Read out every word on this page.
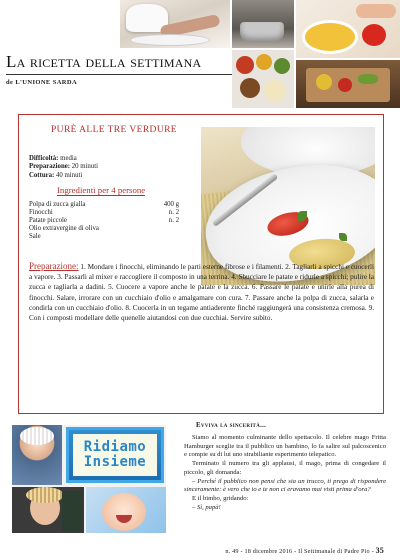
La ricetta della settimana
de L'UNIONE SARDA
PURÈ ALLE TRE VERDURE
Difficoltà: media
Preparazione: 20 minuti
Cottura: 40 minuti
Ingredienti per 4 persone
Polpa di zucca gialla	400 g
Finocchi	n. 2
Patate piccole	n. 2
Olio extravergine di oliva
Sale
Preparazione: 1. Mondare i finocchi, eliminando le parti esterne fibrose e i filamenti. 2. Tagliarli a spicchi e cuocerli a vapore. 3. Passarli al mixer e raccogliere il composto in una terrina. 4. Sbucciare le patate e ridurle a spicchi; pulire la zucca e tagliarla a dadini. 5. Cuocere a vapore anche le patate e la zucca. 6. Passare le patate e unirle alla purea di finocchi. Salare, irrorare con un cucchiaio d'olio e amalgamare con cura. 7. Passare anche la polpa di zucca, salarla e condirla con un cucchiaio d'olio. 8. Cuocerla in un tegame antiaderente finché raggiungerà una consistenza cremosa. 9. Con i composti modellare delle quenelle aiutandosi con due cucchiai. Servire subito.
Ridiamo
Insieme
Evviva la sincerità...

Siamo al momento culminante dello spettacolo. Il celebre mago Fritta Hamburger sceglie tra il pubblico un bambino, lo fa salire sul palcoscenico e compie su di lui uno strabiliante esperimento telepatico.

Terminato il numero tra gli applausi, il mago, prima di congedare il piccolo, gli domanda:

– Perché il pubblico non pensi che sia un trucco, ti prego di rispondere sinceramente: è vero che io e te non ci eravamo mai visti prima d'ora?

E il bimbo, gridando:

– Sì, papà!

n. 49 - 18 dicembre 2016 - Il Settimanale di Padre Pio - 35
